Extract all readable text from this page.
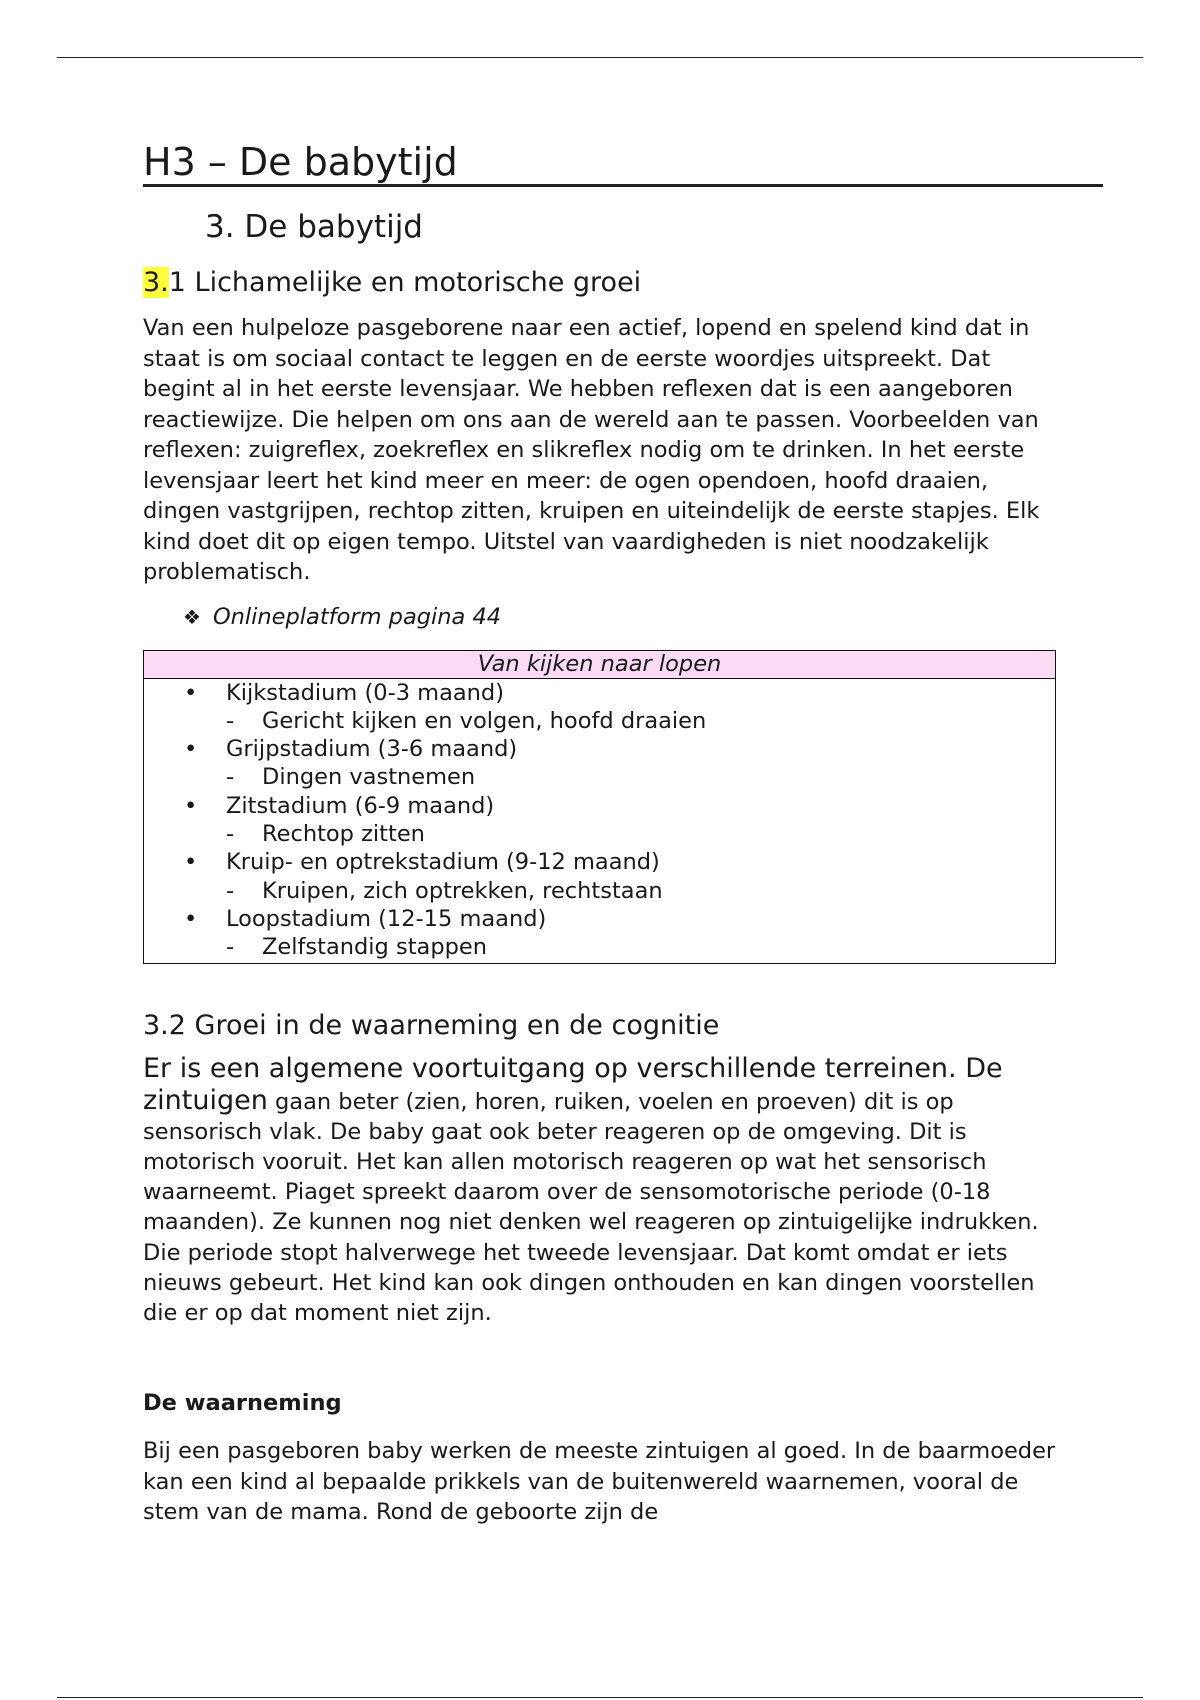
H3 – De babytijd
3. De babytijd
3.1 Lichamelijke en motorische groei

Van een hulpeloze pasgeborene naar een actief, lopend en spelend kind dat in staat is om sociaal contact te leggen en de eerste woordjes uitspreekt. Dat begint al in het eerste levensjaar. We hebben reflexen dat is een aangeboren reactiewijze. Die helpen om ons aan de wereld aan te passen. Voorbeelden van reflexen: zuigreflex, zoekreflex en slikreflex nodig om te drinken. In het eerste levensjaar leert het kind meer en meer: de ogen opendoen, hoofd draaien, dingen vastgrijpen, rechtop zitten, kruipen en uiteindelijk de eerste stapjes. Elk kind doet dit op eigen tempo. Uitstel van vaardigheden is niet noodzakelijk problematisch.

❖ Onlineplatform pagina 44
Van kijken naar lopen

• Kijkstadium (0-3 maand)
- Gericht kijken en volgen, hoofd draaien
• Grijpstadium (3-6 maand)
- Dingen vastnemen
• Zitstadium (6-9 maand)
- Rechtop zitten
• Kruip- en optrekstadium (9-12 maand)
- Kruipen, zich optrekken, rechtstaan
• Loopstadium (12-15 maand)
- Zelfstandig stappen
3.2 Groei in de waarneming en de cognitie

Er is een algemene voortuitgang op verschillende terreinen. De zintuigen gaan beter (zien, horen, ruiken, voelen en proeven) dit is op sensorisch vlak. De baby gaat ook beter reageren op de omgeving. Dit is motorisch vooruit. Het kan allen motorisch reageren op wat het sensorisch waarneemt. Piaget spreekt daarom over de sensomotorische periode (0-18 maanden). Ze kunnen nog niet denken wel reageren op zintuigelijke indrukken. Die periode stopt halverwege het tweede levensjaar. Dat komt omdat er iets nieuws gebeurt. Het kind kan ook dingen onthouden en kan dingen voorstellen die er op dat moment niet zijn.

De waarneming

Bij een pasgeboren baby werken de meeste zintuigen al goed. In de baarmoeder kan een kind al bepaalde prikkels van de buitenwereld waarnemen, vooral de stem van de mama. Rond de geboorte zijn de
